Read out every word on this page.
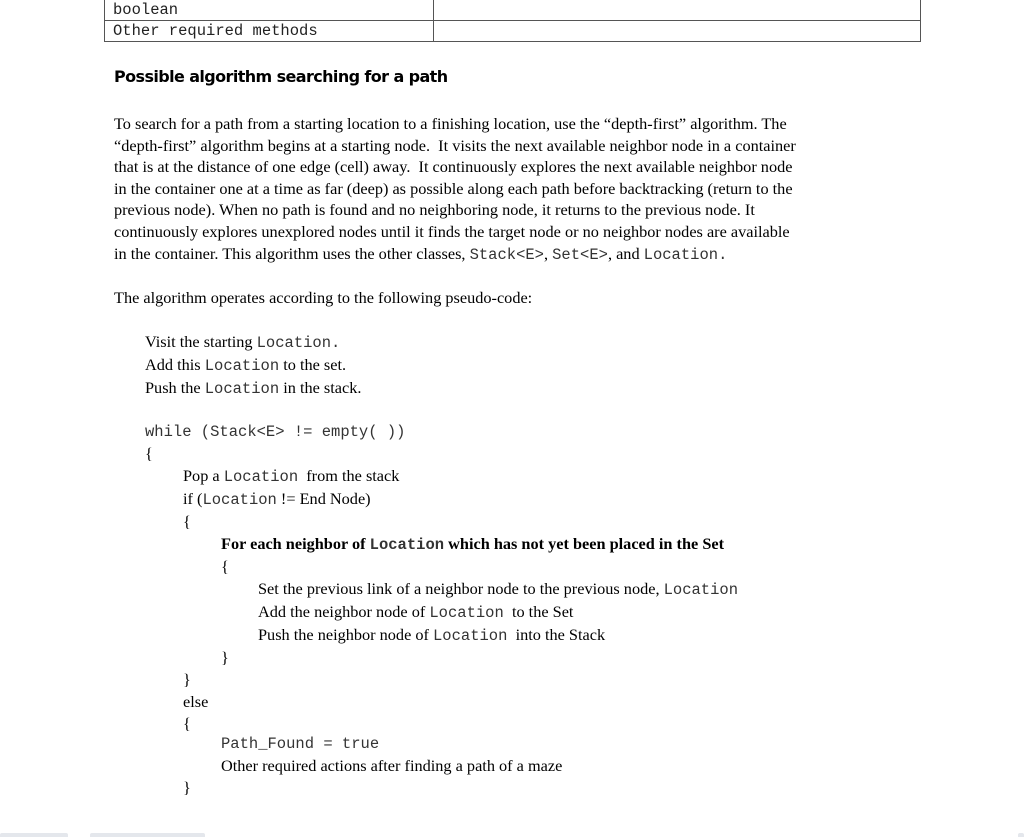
boolean	
Other required methods	
Possible algorithm searching for a path
To search for a path from a starting location to a finishing location, use the “depth-first” algorithm. The
“depth-first” algorithm begins at a starting node.  It visits the next available neighbor node in a container
that is at the distance of one edge (cell) away.  It continuously explores the next available neighbor node
in the container one at a time as far (deep) as possible along each path before backtracking (return to the
previous node). When no path is found and no neighboring node, it returns to the previous node. It
continuously explores unexplored nodes until it finds the target node or no neighbor nodes are available
in the container. This algorithm uses the other classes, Stack<E>, Set<E>, and Location.
The algorithm operates according to the following pseudo-code:
Visit the starting Location.
Add this Location to the set.
Push the Location in the stack.
while (Stack<E> != empty( ))
{
Pop a Location  from the stack
if (Location != End Node)
{
For each neighbor of Location which has not yet been placed in the Set
{
Set the previous link of a neighbor node to the previous node, Location
Add the neighbor node of Location  to the Set
Push the neighbor node of Location  into the Stack
}
}
else
{
Path_Found = true
Other required actions after finding a path of a maze
}
